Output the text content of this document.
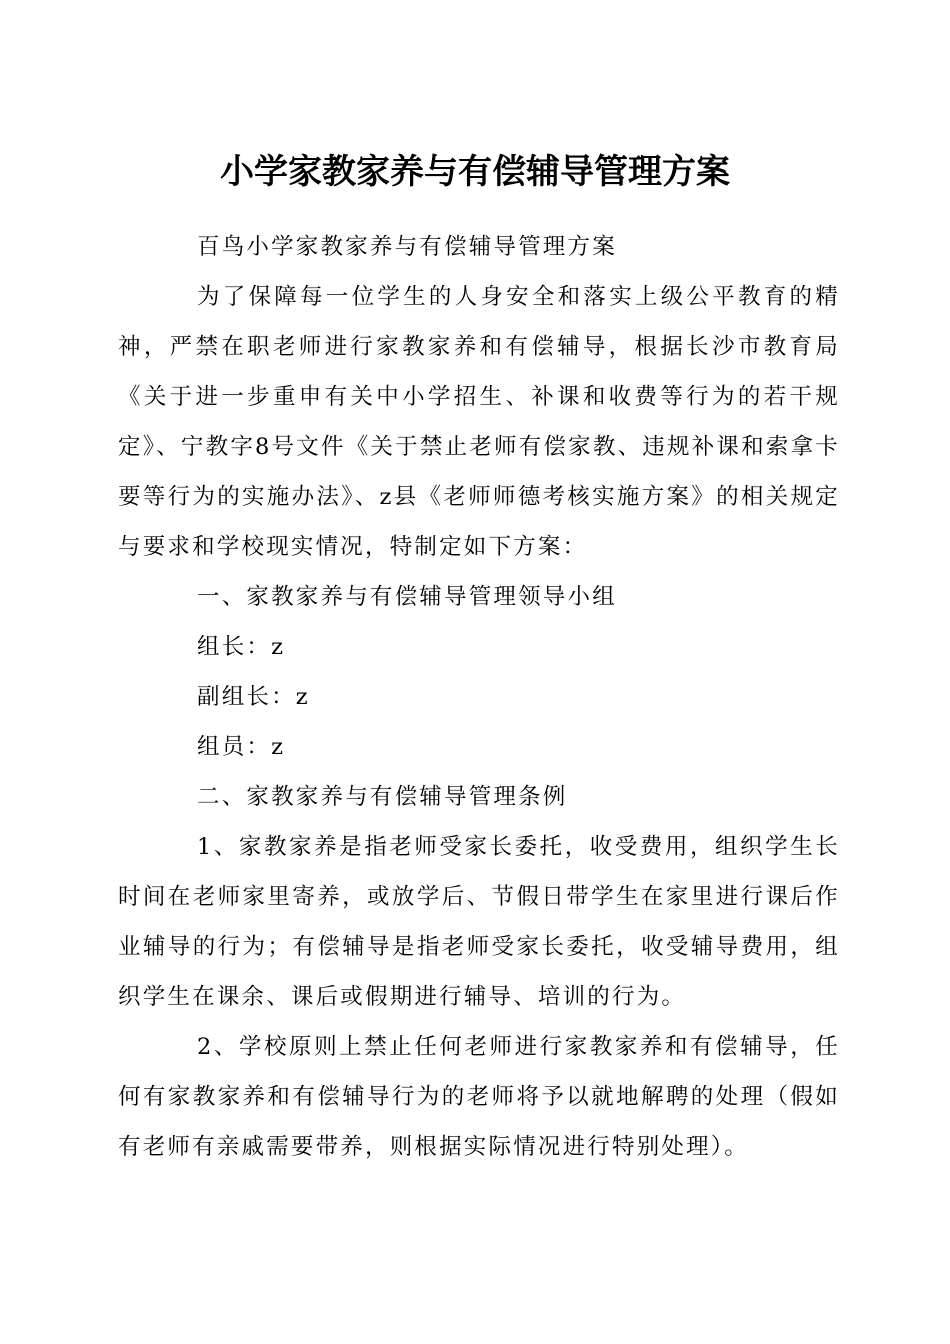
小学家教家养与有偿辅导管理方案

百鸟小学家教家养与有偿辅导管理方案

为了保障每一位学生的人身安全和落实上级公平教育的精神，严禁在职老师进行家教家养和有偿辅导，根据长沙市教育局《关于进一步重申有关中小学招生、补课和收费等行为的若干规定》、宁教字8号文件《关于禁止老师有偿家教、违规补课和索拿卡要等行为的实施办法》、z县《老师师德考核实施方案》的相关规定与要求和学校现实情况，特制定如下方案：

一、家教家养与有偿辅导管理领导小组

组长：z

副组长：z

组员：z

二、家教家养与有偿辅导管理条例

1、家教家养是指老师受家长委托，收受费用，组织学生长时间在老师家里寄养，或放学后、节假日带学生在家里进行课后作业辅导的行为；有偿辅导是指老师受家长委托，收受辅导费用，组织学生在课余、课后或假期进行辅导、培训的行为。

2、学校原则上禁止任何老师进行家教家养和有偿辅导，任何有家教家养和有偿辅导行为的老师将予以就地解聘的处理（假如有老师有亲戚需要带养，则根据实际情况进行特别处理）。
